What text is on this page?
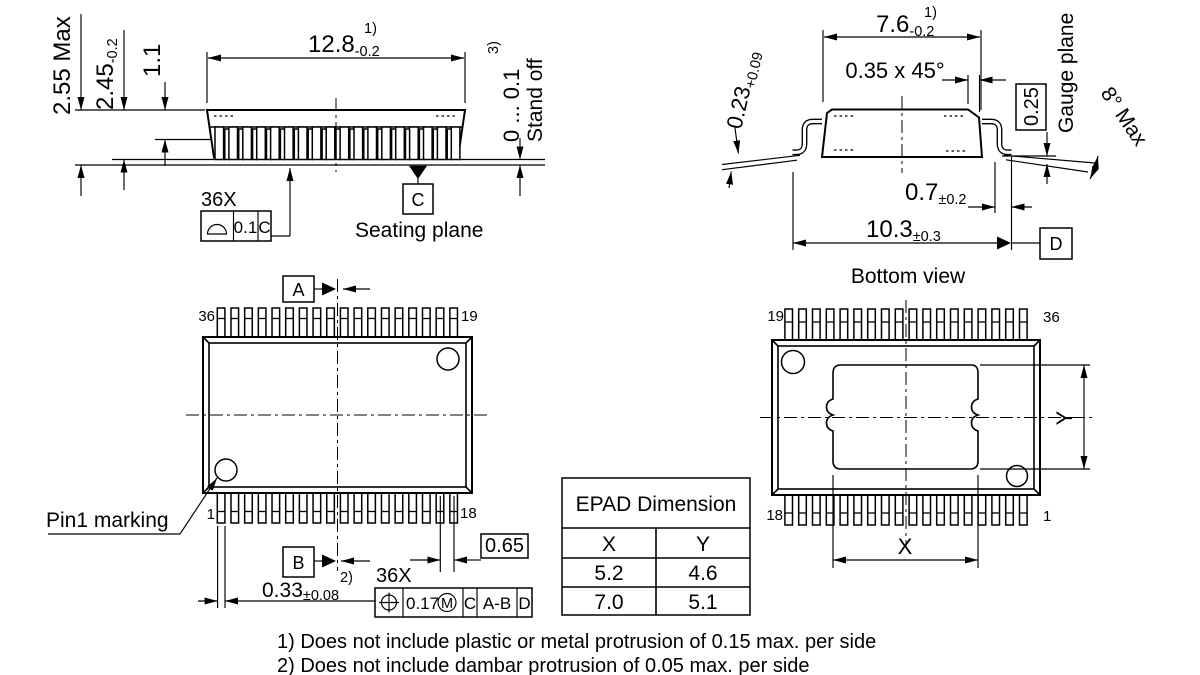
12.8-0.2
1)
2.55 Max 2.45-0.2 1.1
0 ... 0.1
3)
Stand off
36X
0.1 C
C
Seating plane
7.6-0.2
1)
0.35 x 45°
0.23+0.09
0.25 Gauge plane 8° Max
0.7±0.2
10.3±0.3	D
Bottom view
36	19
1	18
A
Pin1 marking
B
0.65
0.33±0.08
2) 36X
0.17 M C A-B D
19	36
18	1
X
Y
EPAD Dimension
X	Y
5.2	4.6
7.0	5.1
1) Does not include plastic or metal protrusion of 0.15 max. per side
2) Does not include dambar protrusion of 0.05 max. per side
